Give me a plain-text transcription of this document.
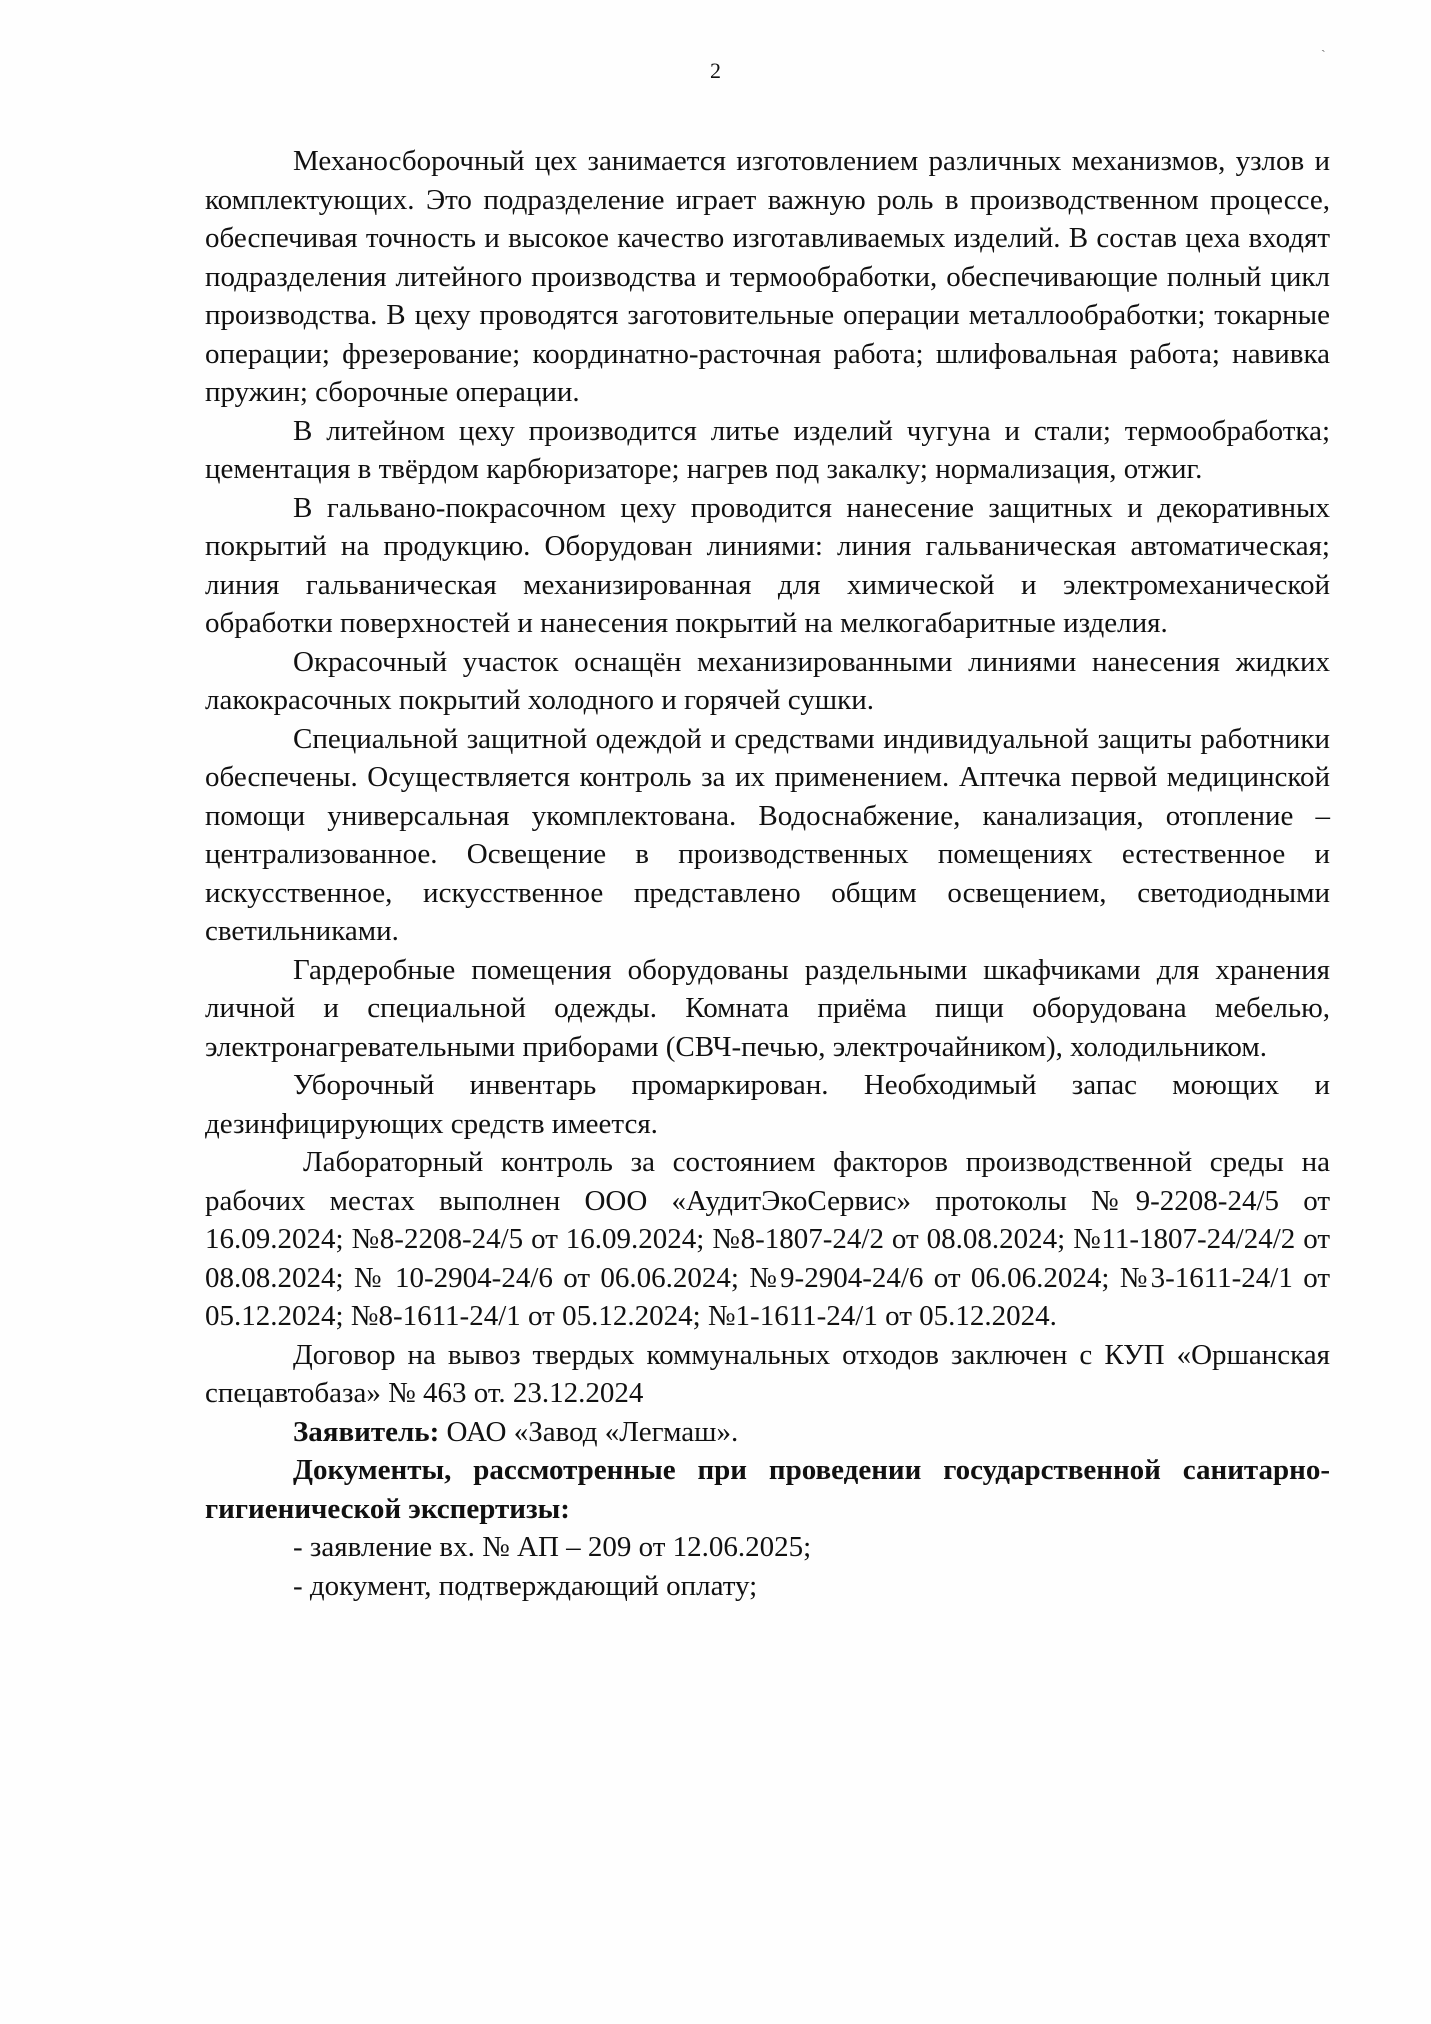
ˎ
2

Механосборочный цех занимается изготовлением различных механизмов, узлов и комплектующих. Это подразделение играет важную роль в производственном процессе, обеспечивая точность и высокое качество изготавливаемых изделий. В состав цеха входят подразделения литейного производства и термообработки, обеспечивающие полный цикл производства. В цеху проводятся заготовительные операции металлообработки; токарные операции; фрезерование; координатно-расточная работа; шлифовальная работа; навивка пружин; сборочные операции.

В литейном цеху производится литье изделий чугуна и стали; термообработка; цементация в твёрдом карбюризаторе; нагрев под закалку; нормализация, отжиг.

В гальвано-покрасочном цеху проводится нанесение защитных и декоративных покрытий на продукцию. Оборудован линиями: линия гальваническая автоматическая; линия гальваническая механизированная для химической и электромеханической обработки поверхностей и нанесения покрытий на мелкогабаритные изделия.

Окрасочный участок оснащён механизированными линиями нанесения жидких лакокрасочных покрытий холодного и горячей сушки.

Специальной защитной одеждой и средствами индивидуальной защиты работники обеспечены. Осуществляется контроль за их применением. Аптечка первой медицинской помощи универсальная укомплектована. Водоснабжение, канализация, отопление – централизованное. Освещение в производственных помещениях естественное и искусственное, искусственное представлено общим освещением, светодиодными светильниками.

Гардеробные помещения оборудованы раздельными шкафчиками для хранения личной и специальной одежды. Комната приёма пищи оборудована мебелью, электронагревательными приборами (СВЧ-печью, электрочайником), холодильником.

Уборочный инвентарь промаркирован. Необходимый запас моющих и дезинфицирующих средств имеется.

Лабораторный контроль за состоянием факторов производственной среды на рабочих местах выполнен ООО «АудитЭкоСервис» протоколы №9-2208-24/5 от 16.09.2024; №8-2208-24/5 от 16.09.2024; №8-1807-24/2 от 08.08.2024; №11-1807-24/24/2 от 08.08.2024; № 10-2904-24/6 от 06.06.2024; №9-2904-24/6 от 06.06.2024; №3-1611-24/1 от 05.12.2024; №8-1611-24/1 от 05.12.2024; №1-1611-24/1 от 05.12.2024.

Договор на вывоз твердых коммунальных отходов заключен с КУП «Оршанская спецавтобаза» № 463 от. 23.12.2024

Заявитель: ОАО «Завод «Легмаш».

Документы, рассмотренные при проведении государственной санитарно-гигиенической экспертизы:

- заявление вх. № АП – 209 от 12.06.2025;

- документ, подтверждающий оплату;
